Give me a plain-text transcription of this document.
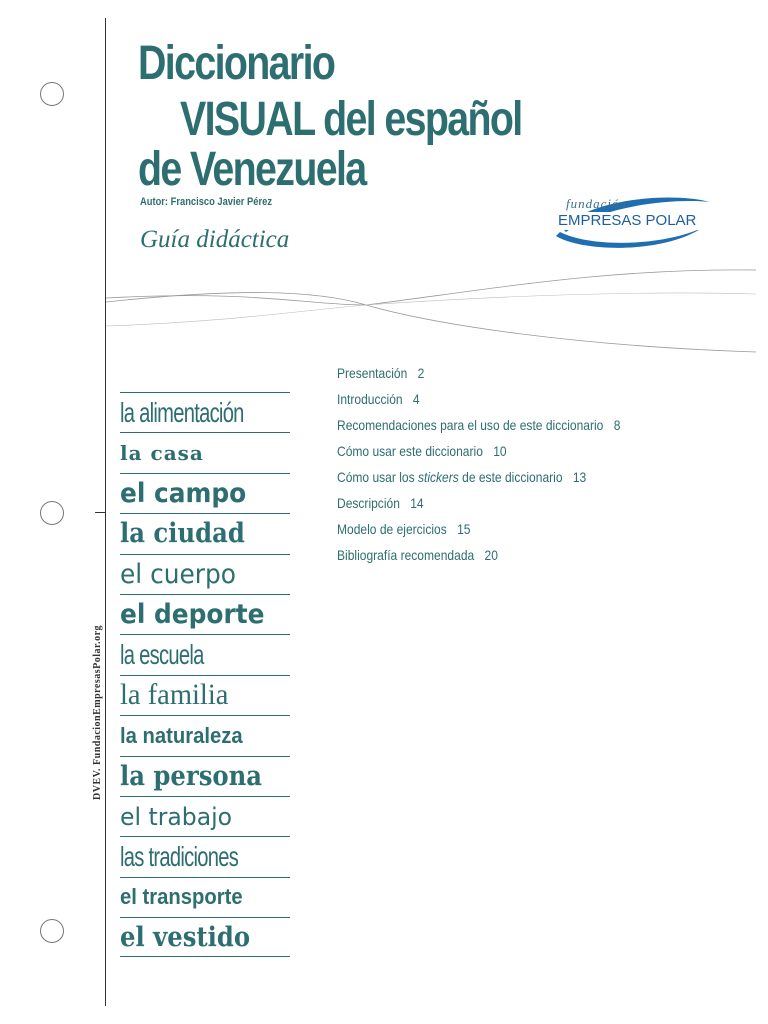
Diccionario
VISUAL del español
de Venezuela
Autor: Francisco Javier Pérez
Guía didáctica
fundación
EMPRESAS POLAR
Presentación 2
Introducción 4
Recomendaciones para el uso de este diccionario 8
Cómo usar este diccionario 10
Cómo usar los stickers de este diccionario 13
Descripción 14
Modelo de ejercicios 15
Bibliografía recomendada 20
la alimentación
la casa
el campo
la ciudad
el cuerpo
el deporte
la escuela
la familia
la naturaleza
la persona
el trabajo
las tradiciones
el transporte
el vestido
DVEV. FundacionEmpresasPolar.org
